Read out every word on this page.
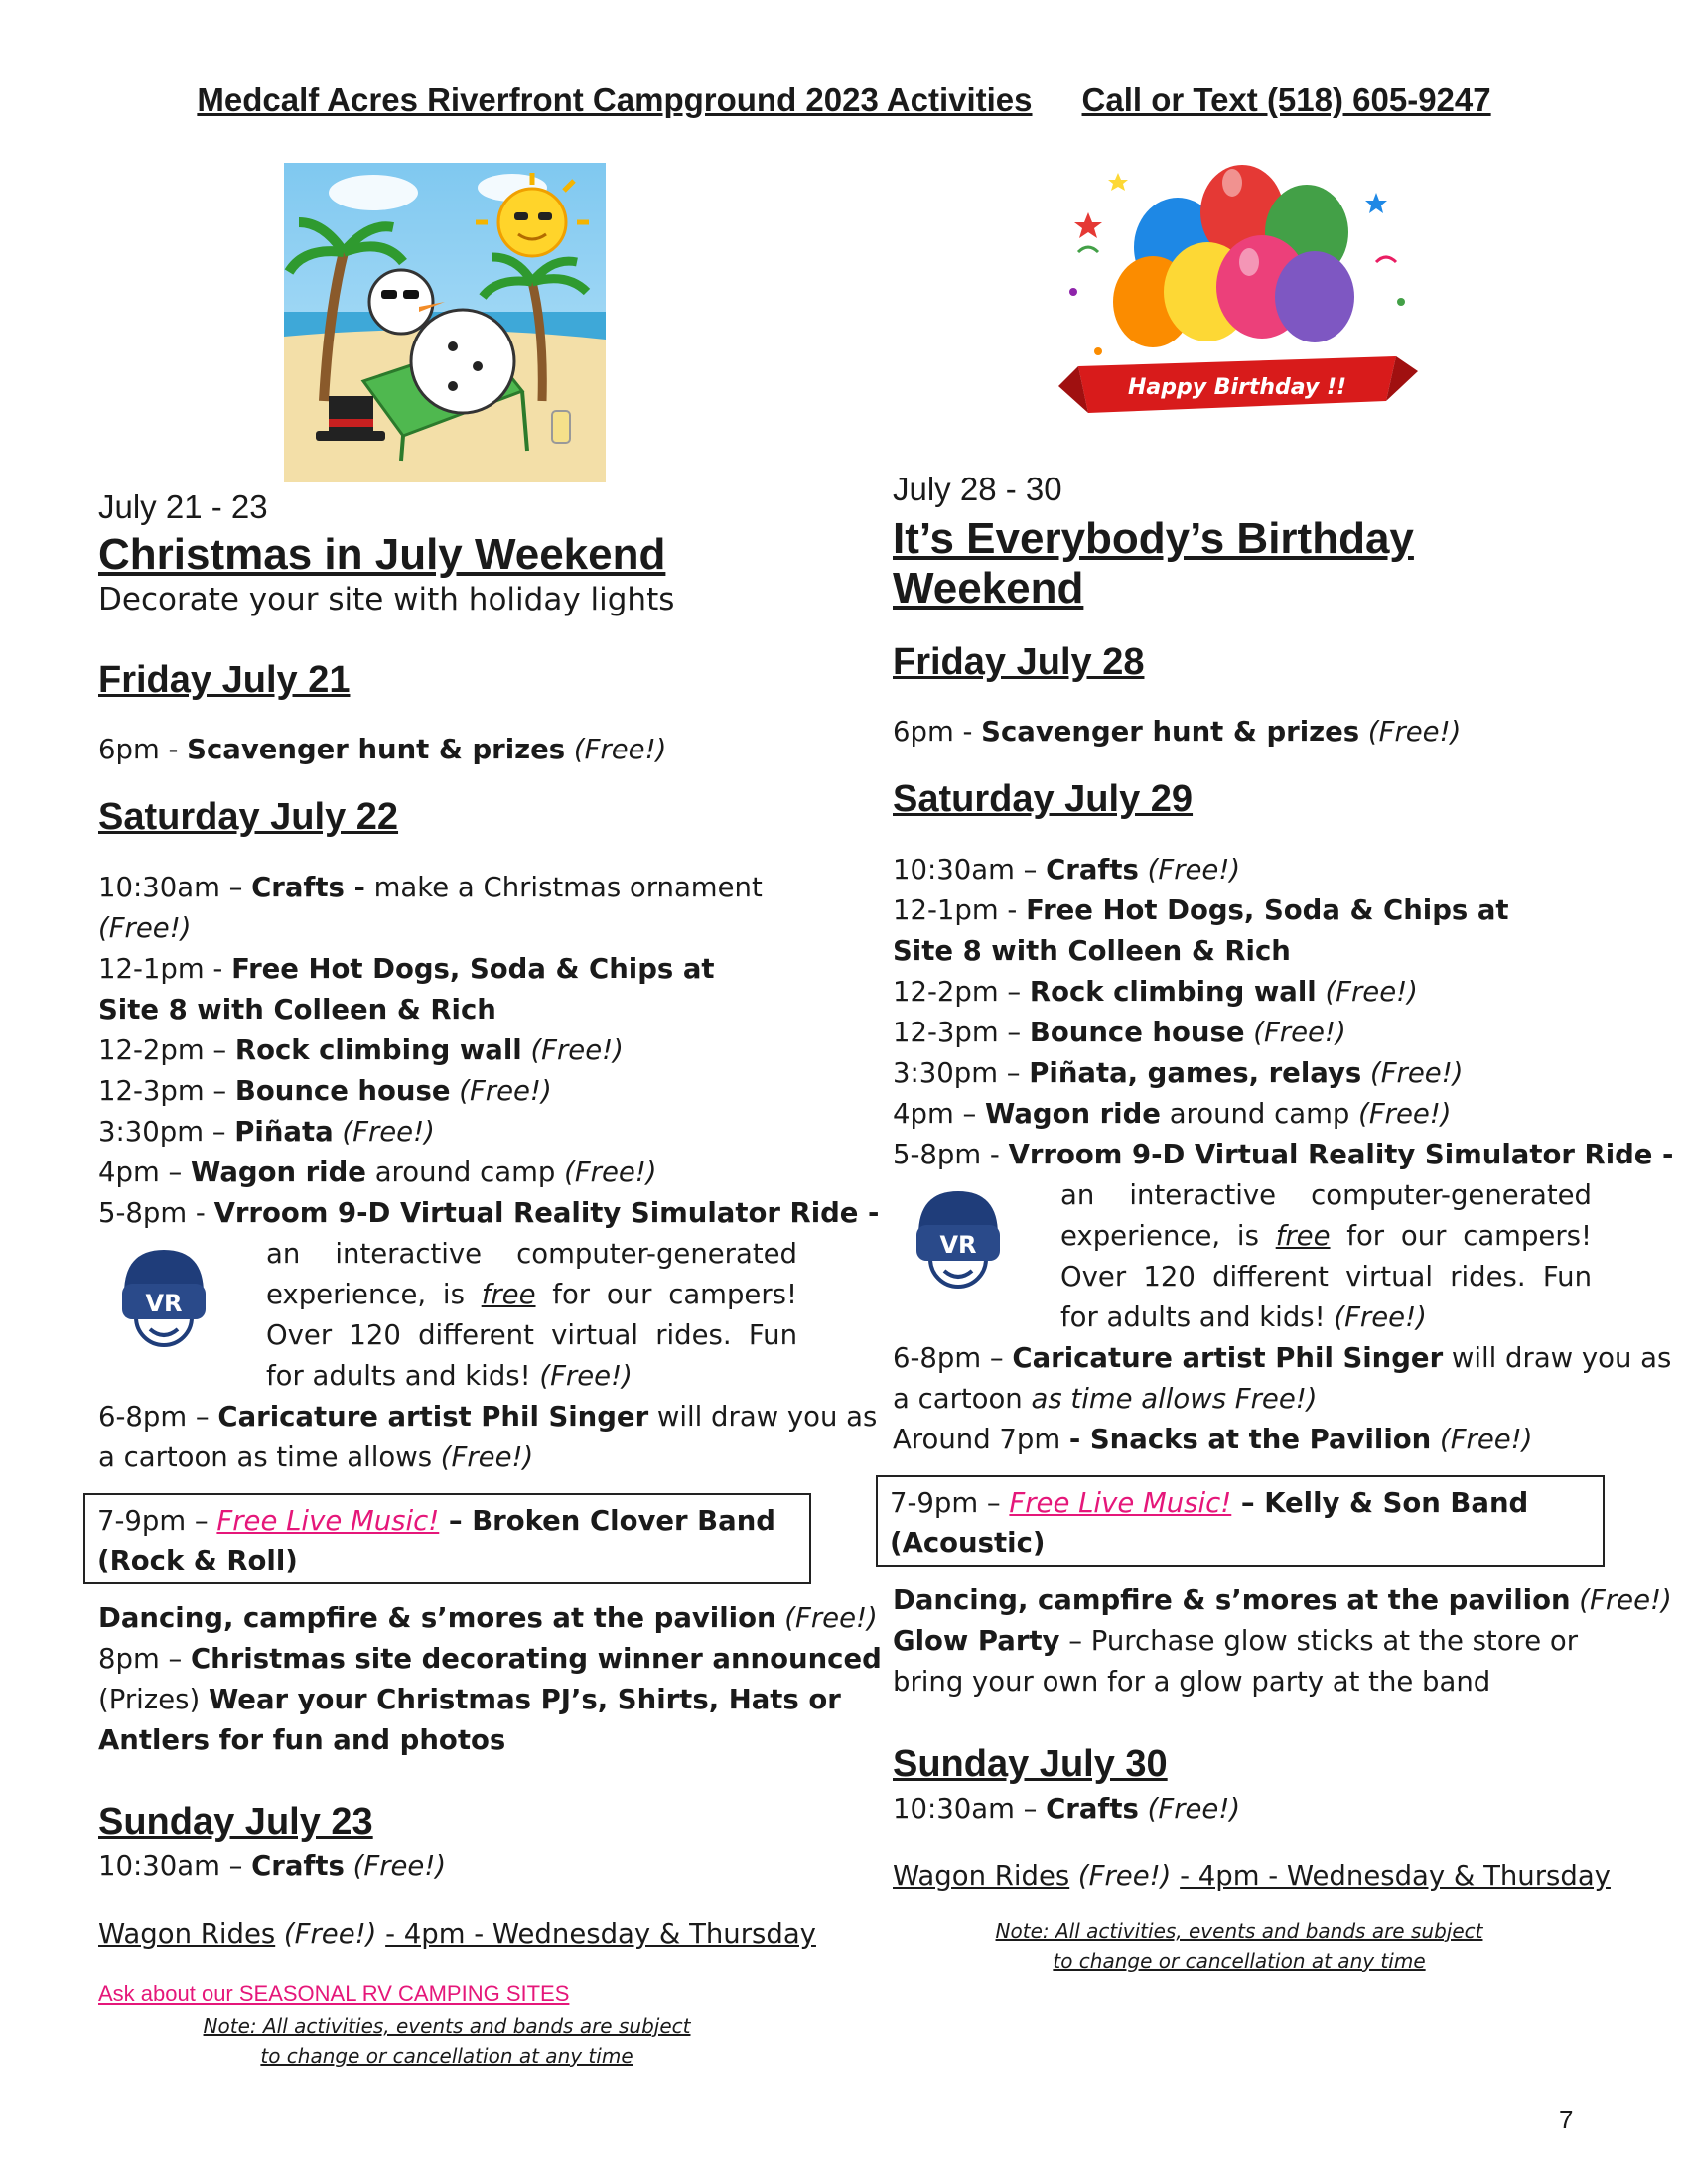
Medcalf Acres Riverfront Campground 2023 Activities Call or Text (518) 605-9247
Happy Birthday !!
July 21 - 23
Christmas in July Weekend
Decorate your site with holiday lights
Friday July 21
6pm - Scavenger hunt & prizes (Free!)
Saturday July 22
10:30am – Crafts - make a Christmas ornament
(Free!)
12-1pm - Free Hot Dogs, Soda & Chips at
Site 8 with Colleen & Rich
12-2pm – Rock climbing wall (Free!)
12-3pm – Bounce house (Free!)
3:30pm – Piñata (Free!)
4pm – Wagon ride around camp (Free!)
5-8pm - Vrroom 9-D Virtual Reality Simulator Ride -
VR
an interactive computer-generated experience, is free for our campers! Over 120 different virtual rides. Fun for adults and kids! (Free!)
6-8pm – Caricature artist Phil Singer will draw you as
a cartoon as time allows (Free!)
7-9pm – Free Live Music! – Broken Clover Band
(Rock & Roll)
Dancing, campfire & s’mores at the pavilion (Free!)
8pm – Christmas site decorating winner announced
(Prizes) Wear your Christmas PJ’s, Shirts, Hats or
Antlers for fun and photos
Sunday July 23
10:30am – Crafts (Free!)
Wagon Rides (Free!) - 4pm - Wednesday & Thursday
Ask about our SEASONAL RV CAMPING SITES
Note: All activities, events and bands are subject
to change or cancellation at any time
July 28 - 30
It’s Everybody’s Birthday
Weekend
Friday July 28
6pm - Scavenger hunt & prizes (Free!)
Saturday July 29
10:30am – Crafts (Free!)
12-1pm - Free Hot Dogs, Soda & Chips at
Site 8 with Colleen & Rich
12-2pm – Rock climbing wall (Free!)
12-3pm – Bounce house (Free!)
3:30pm – Piñata, games, relays (Free!)
4pm – Wagon ride around camp (Free!)
5-8pm - Vrroom 9-D Virtual Reality Simulator Ride -
VR
an interactive computer-generated experience, is free for our campers! Over 120 different virtual rides. Fun for adults and kids! (Free!)
6-8pm – Caricature artist Phil Singer will draw you as
a cartoon as time allows Free!)
Around 7pm - Snacks at the Pavilion (Free!)
7-9pm – Free Live Music! – Kelly & Son Band
(Acoustic)
Dancing, campfire & s’mores at the pavilion (Free!)
Glow Party – Purchase glow sticks at the store or
bring your own for a glow party at the band
Sunday July 30
10:30am – Crafts (Free!)
Wagon Rides (Free!) - 4pm - Wednesday & Thursday
Note: All activities, events and bands are subject
to change or cancellation at any time
7
